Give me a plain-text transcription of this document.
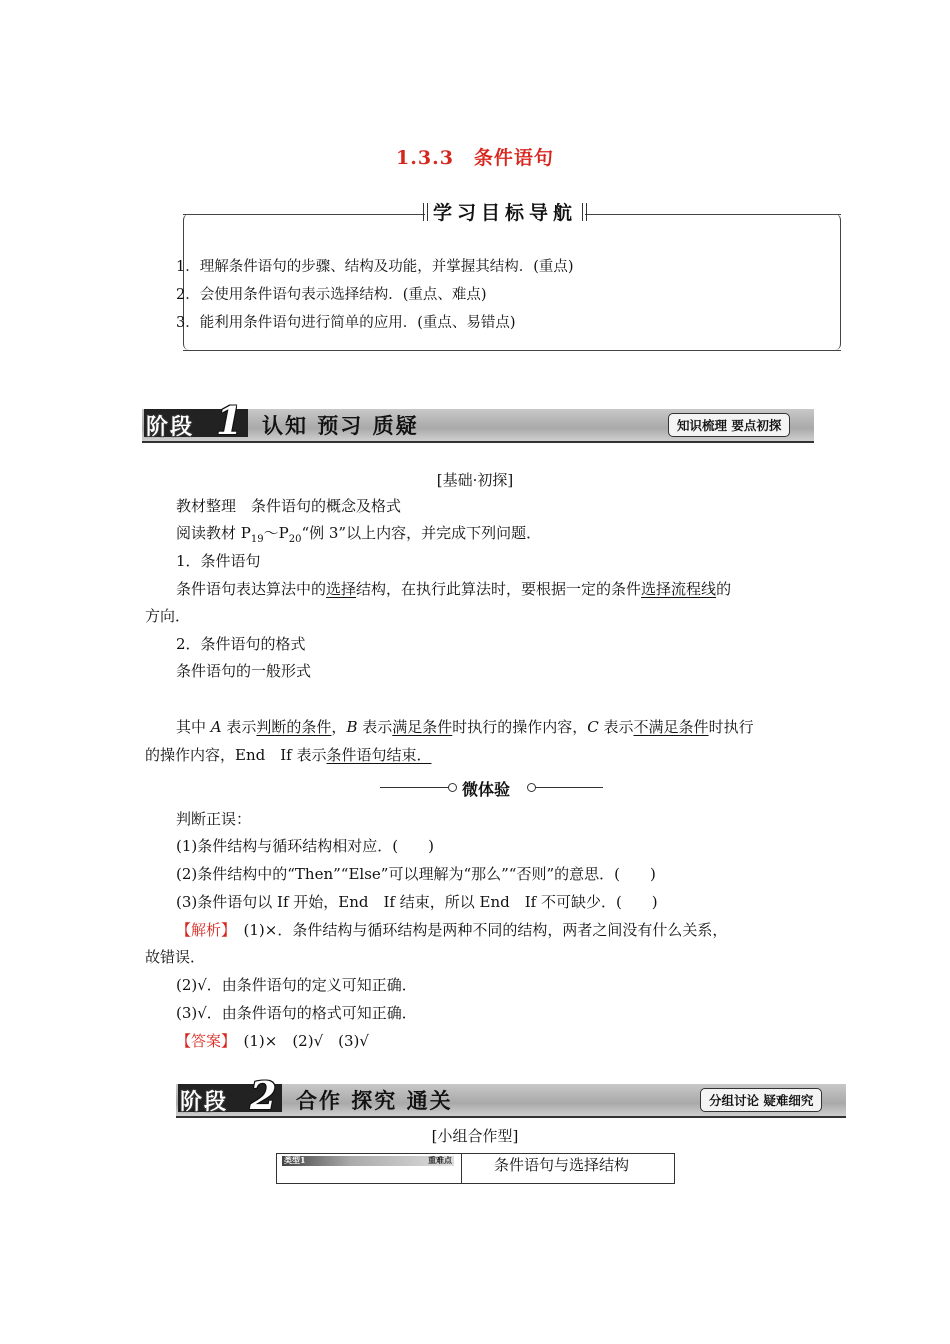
1.3.3　条件语句
学习目标导航
1．理解条件语句的步骤、结构及功能，并掌握其结构．(重点)
2．会使用条件语句表示选择结构．(重点、难点)
3．能利用条件语句进行简单的应用．(重点、易错点)
阶段 1 认知 预习 质疑	知识梳理 要点初探
[基础·初探]
教材整理　条件语句的概念及格式
阅读教材 $P_{19}\sim P_{20}“$例 3”以上内容，并完成下列问题．
1．条件语句
条件语句表达算法中的选择结构，在执行此算法时，要根据一定的条件选择流程线的
方向．
2．条件语句的格式
条件语句的一般形式
其中 A 表示判断的条件，B 表示满足条件时执行的操作内容，C 表示不满足条件时执行
的操作内容，End　If 表示条件语句结束．
微体验
判断正误：
(1)条件结构与循环结构相对应．(　　)
(2)条件结构中的“Then”“Else”可以理解为“那么”“否则”的意思．(　　)
(3)条件语句以 If 开始，End　If 结束，所以 End　If 不可缺少．(　　)
【解析】　(1)×．条件结构与循环结构是两种不同的结构，两者之间没有什么关系，
故错误．
(2)√．由条件语句的定义可知正确．
(3)√．由条件语句的格式可知正确．
【答案】　(1)×　(2)√　(3)√
阶段 2 合作 探究 通关	分组讨论 疑难细究
[小组合作型]
类型1	重难点	条件语句与选择结构
